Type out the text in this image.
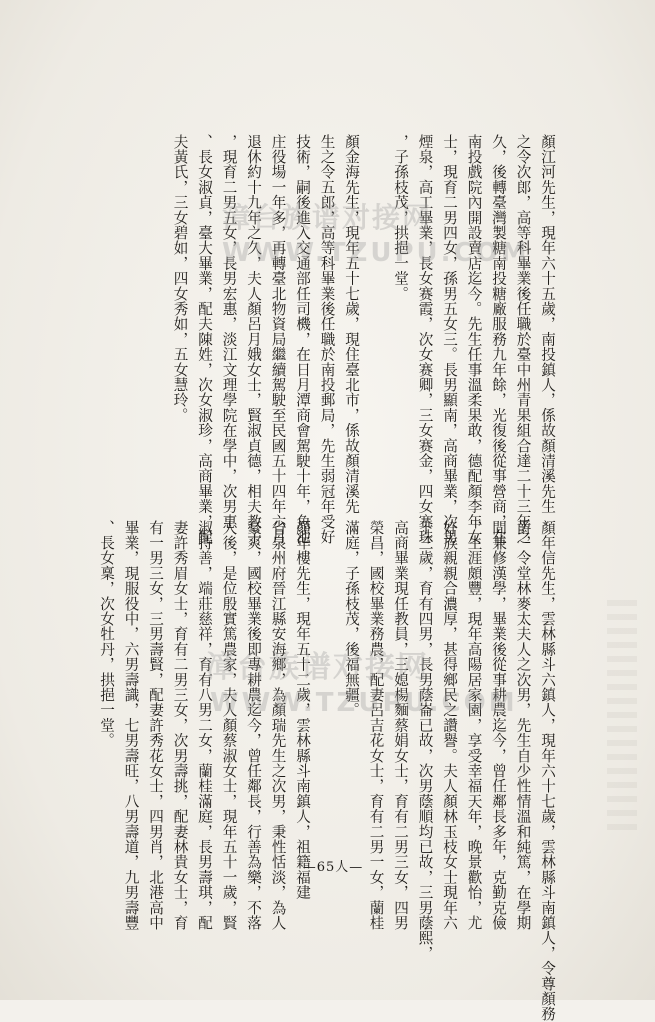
顏江河先生，現年六十五歲，南投鎮人，係故顏清溪先生

之令次郎，高等科畢業後任職於臺中州青果組合達二十三年之

久，後轉臺灣製糖南投糖廠服務九年餘，光復後從事營商，在

南投戲院內開設賣店迄今。先生任事溫柔果敢，德配顏李年女

士，現育二男四女，孫男五女三。長男顯南，高商畢業，次男

煙泉，高工畢業，長女赛霞，次女赛卿，三女赛金，四女赛珠

，子孫枝茂，拱挹一堂。

顏金海先生，現年五十七歲，現住臺北市，係故顏清溪先

生之令五郎，高等科畢業後任職於南投郵局，先生弱冠年受好

技術，嗣後進入交通部任司機，在日月潭商會駕駛十年，魚池

庄役場一年多，再轉臺北物資局繼續駕駛至民國五十四年六月

退休約十九年之久，夫人顏呂月娥女士，賢淑貞德，相夫教子

，現育二男五女，長男宏惠，淡江文理學院在學中，次男惠

、長女淑貞，臺大畢業，配夫陳姓，次女淑珍，高商畢業，配

夫黃氏，三女碧如，四女秀如，五女慧玲。

顏年信先生，雲林縣斗六鎮人，現年六十七歲，雲林縣斗南鎮人，令尊顏務

爵，令堂林麥太夫人之次男，先生自少性情溫和純篤，在學期

間兼修漢學，畢業後從事耕農迄今，曾任鄰長多年，克勤克儉

，生涯頗豐，現年高陽居家園，享受幸福天年，晚景歡怡，尤

好族親親合濃厚，甚得鄉民之讚譽。夫人顏林玉枝女士現年六

十三歲，育有四男，長男蔭崙已故，次男蔭順均已故，三男蔭熙，

高商畢業現任教員，三媳楊麵蔡娟女士，育有二男三女，四男

榮昌，國校畢業務農，配妻呂吉花女士，育有二男一女，蘭桂

滿庭，子孫枝茂，後福無疆。

顏年樓先生，現年五十二歲，雲林縣斗南鎮人，祖籍福建

省泉州府晉江縣安海鄉，為顏瑞先生之次男，秉性恬淡，為人

豪爽，國校畢業後即專耕農迄今，曾任鄰長，行善為樂，不落

人後，是位殷實篤農家，夫人顏蔡淑女士，現年五十一歲，賢

淑持善，端莊慈祥，育有八男二女，蘭桂滿庭，長男壽琪，配

妻許秀眉女士，育有二男三女，次男壽挑，配妻林貴女士，育

有一男三女，三男壽賢，配妻許秀花女士，四男肖，北港高中

畢業，現服役中，六男壽識，七男壽旺，八男壽道，九男壽豐

、長女稟，次女牡丹，拱挹一堂。

漳台族谱对接网
WWW.TZUPU.COM
漳台族谱对接网
WWW.TZUPU.COM
—65人—
